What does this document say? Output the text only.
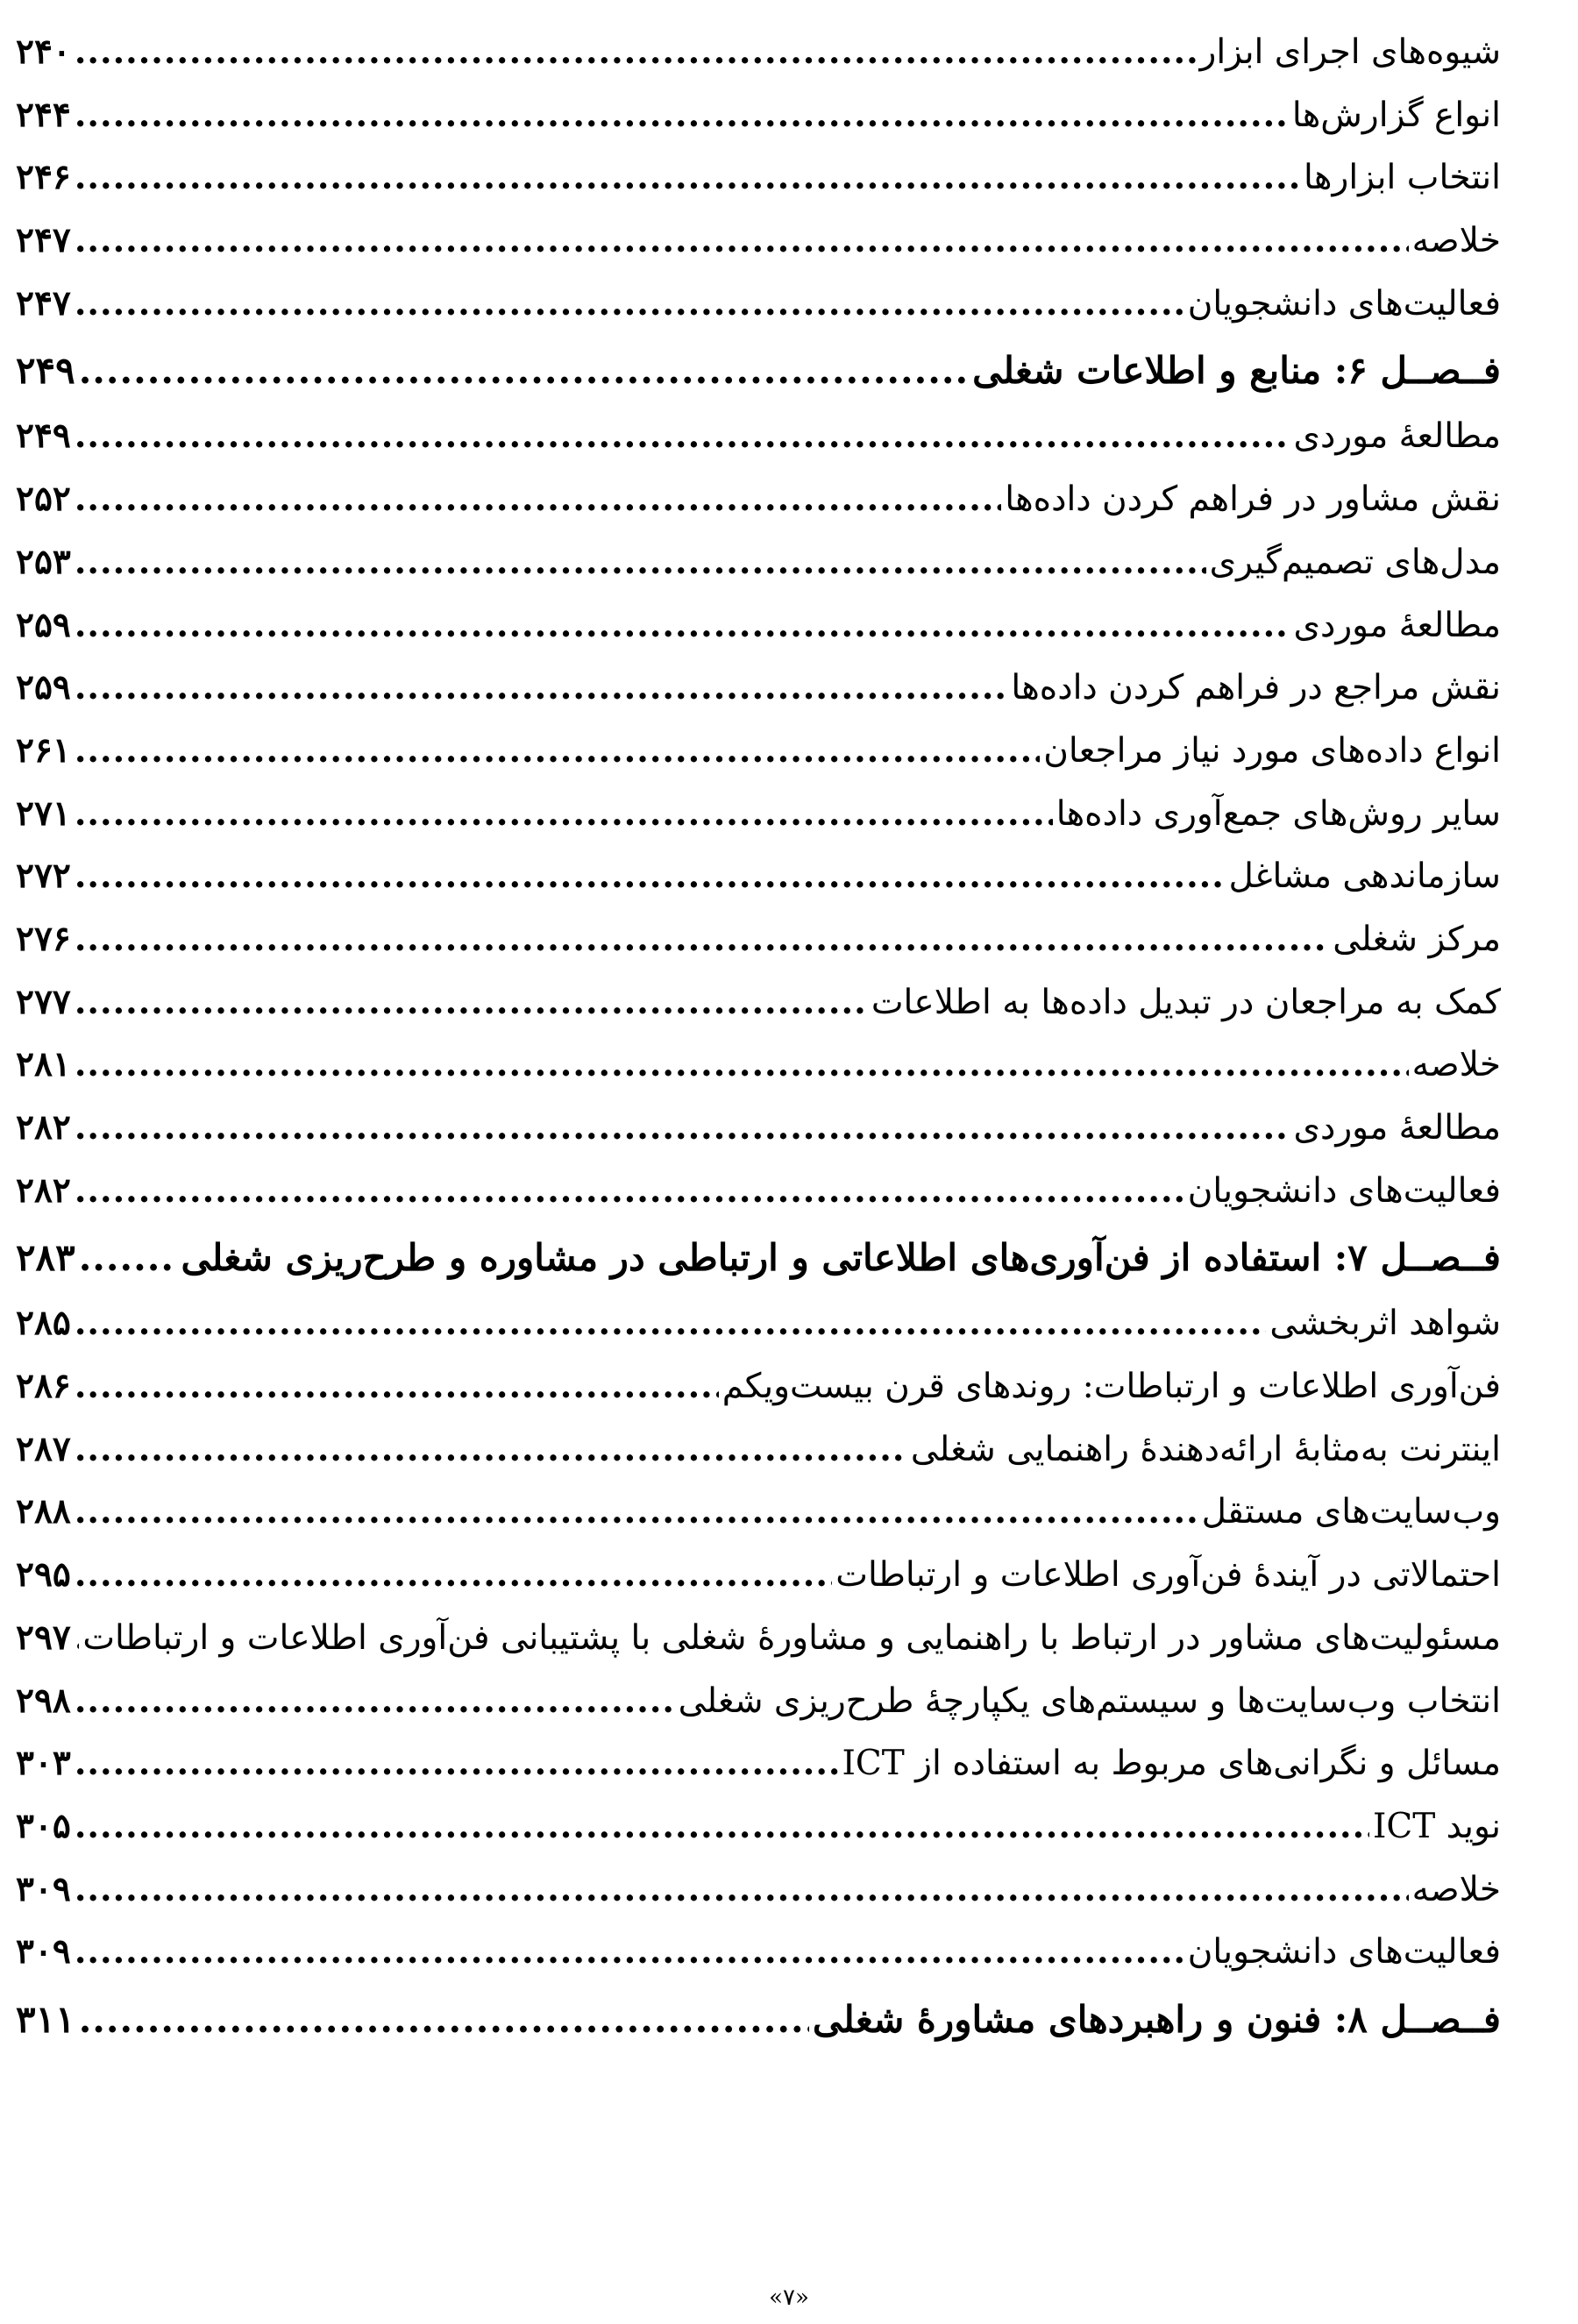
شیوه‌های اجرای ابزار
.....
۲۴۰
انواع گزارش‌ها
.....
۲۴۴
انتخاب ابزارها
.....
۲۴۶
خلاصه
.....
۲۴۷
فعالیت‌های دانشجویان
.....
۲۴۷
فــصــل ۶: منابع و اطلاعات شغلی
.....
۲۴۹
مطالعۀ موردی
.....
۲۴۹
نقش مشاور در فراهم کردن داده‌ها
.....
۲۵۲
مدل‌های تصمیم‌گیری
.....
۲۵۳
مطالعۀ موردی
.....
۲۵۹
نقش مراجع در فراهم کردن داده‌ها
.....
۲۵۹
انواع داده‌های مورد نیاز مراجعان
.....
۲۶۱
سایر روش‌های جمع‌آوری داده‌ها
.....
۲۷۱
سازماندهی مشاغل
.....
۲۷۲
مرکز شغلی
.....
۲۷۶
کمک به مراجعان در تبدیل داده‌ها به اطلاعات
.....
۲۷۷
خلاصه
.....
۲۸۱
مطالعۀ موردی
.....
۲۸۲
فعالیت‌های دانشجویان
.....
۲۸۲
فــصــل ۷: استفاده از فن‌آوری‌های اطلاعاتی و ارتباطی در مشاوره و طرح‌ریزی شغلی
.....
۲۸۳
شواهد اثربخشی
.....
۲۸۵
فن‌آوری اطلاعات و ارتباطات: روندهای قرن بیست‌ویکم
.....
۲۸۶
اینترنت به‌مثابۀ ارائه‌دهندۀ راهنمایی شغلی
.....
۲۸۷
وب‌سایت‌های مستقل
.....
۲۸۸
احتمالاتی در آیندۀ فن‌آوری اطلاعات و ارتباطات
.....
۲۹۵
مسئولیت‌های مشاور در ارتباط با راهنمایی و مشاورۀ شغلی با پشتیبانی فن‌آوری اطلاعات و ارتباطات
.....
۲۹۷
انتخاب وب‌سایت‌ها و سیستم‌های یکپارچۀ طرح‌ریزی شغلی
.....
۲۹۸
مسائل و نگرانی‌های مربوط به استفاده از ICT
.....
۳۰۳
نوید ICT
.....
۳۰۵
خلاصه
.....
۳۰۹
فعالیت‌های دانشجویان
.....
۳۰۹
فــصــل ۸: فنون و راهبردهای مشاورۀ شغلی
.....
۳۱۱
«۷»
